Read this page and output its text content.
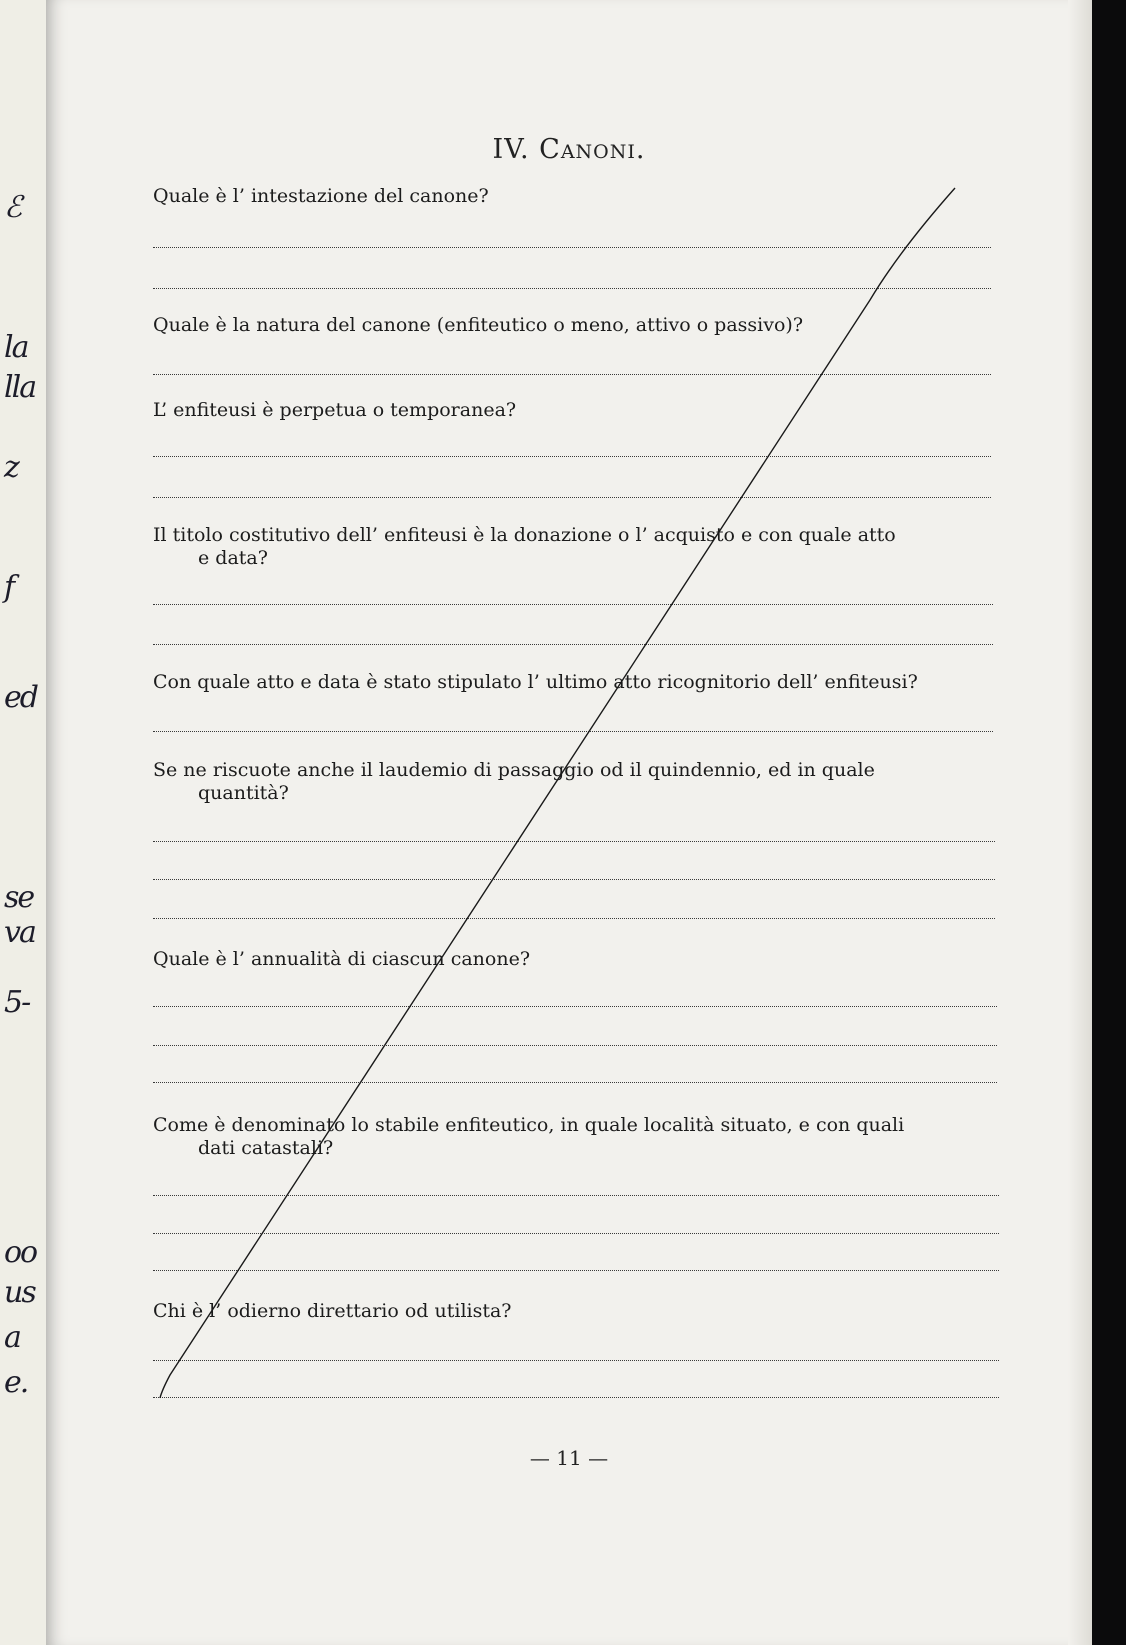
ℰ
la
lla
z
f
ed
se
va
5-
oo
us
a
e.
IV. Canoni.
Quale è l’ intestazione del canone?
Quale è la natura del canone (enfiteutico o meno, attivo o passivo)?
L’ enfiteusi è perpetua o temporanea?
Il titolo costitutivo dell’ enfiteusi è la donazione o l’ acquisto e con quale atto
e data?
Con quale atto e data è stato stipulato l’ ultimo atto ricognitorio dell’ enfiteusi?
Se ne riscuote anche il laudemio di passaggio od il quindennio, ed in quale
quantità?
Quale è l’ annualità di ciascun canone?
Come è denominato lo stabile enfiteutico, in quale località situato, e con quali
dati catastali?
Chi è l’ odierno direttario od utilista?
— 11 —
